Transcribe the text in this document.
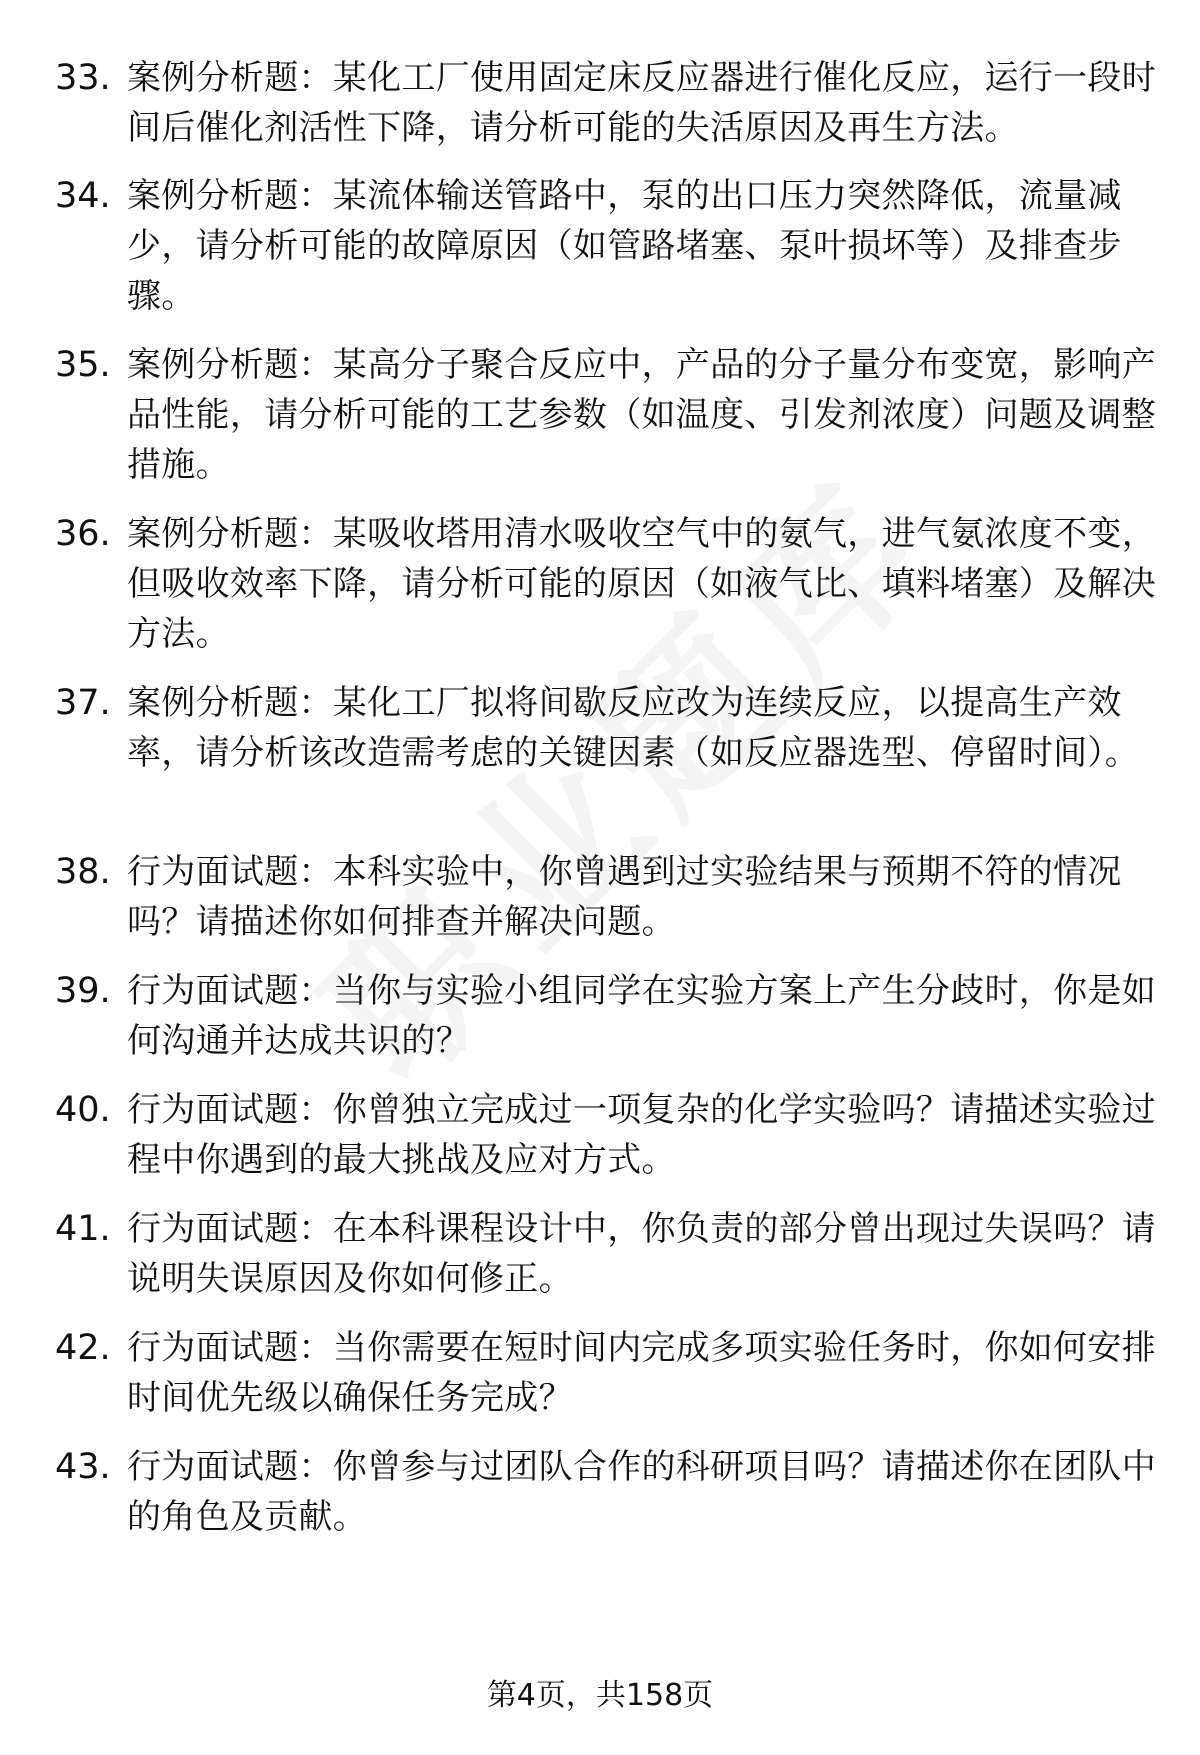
33. 案例分析题：某化工厂使用固定床反应器进行催化反应，运行一段时间后催化剂活性下降，请分析可能的失活原因及再生方法。
34. 案例分析题：某流体输送管路中，泵的出口压力突然降低，流量减少，请分析可能的故障原因（如管路堵塞、泵叶损坏等）及排查步骤。
35. 案例分析题：某高分子聚合反应中，产品的分子量分布变宽，影响产品性能，请分析可能的工艺参数（如温度、引发剂浓度）问题及调整措施。
36. 案例分析题：某吸收塔用清水吸收空气中的氨气，进气氨浓度不变，但吸收效率下降，请分析可能的原因（如液气比、填料堵塞）及解决方法。
37. 案例分析题：某化工厂拟将间歇反应改为连续反应，以提高生产效率，请分析该改造需考虑的关键因素（如反应器选型、停留时间）。
38. 行为面试题：本科实验中，你曾遇到过实验结果与预期不符的情况吗？请描述你如何排查并解决问题。
39. 行为面试题：当你与实验小组同学在实验方案上产生分歧时，你是如何沟通并达成共识的？
40. 行为面试题：你曾独立完成过一项复杂的化学实验吗？请描述实验过程中你遇到的最大挑战及应对方式。
41. 行为面试题：在本科课程设计中，你负责的部分曾出现过失误吗？请说明失误原因及你如何修正。
42. 行为面试题：当你需要在短时间内完成多项实验任务时，你如何安排时间优先级以确保任务完成？
43. 行为面试题：你曾参与过团队合作的科研项目吗？请描述你在团队中的角色及贡献。
第4页，共158页
